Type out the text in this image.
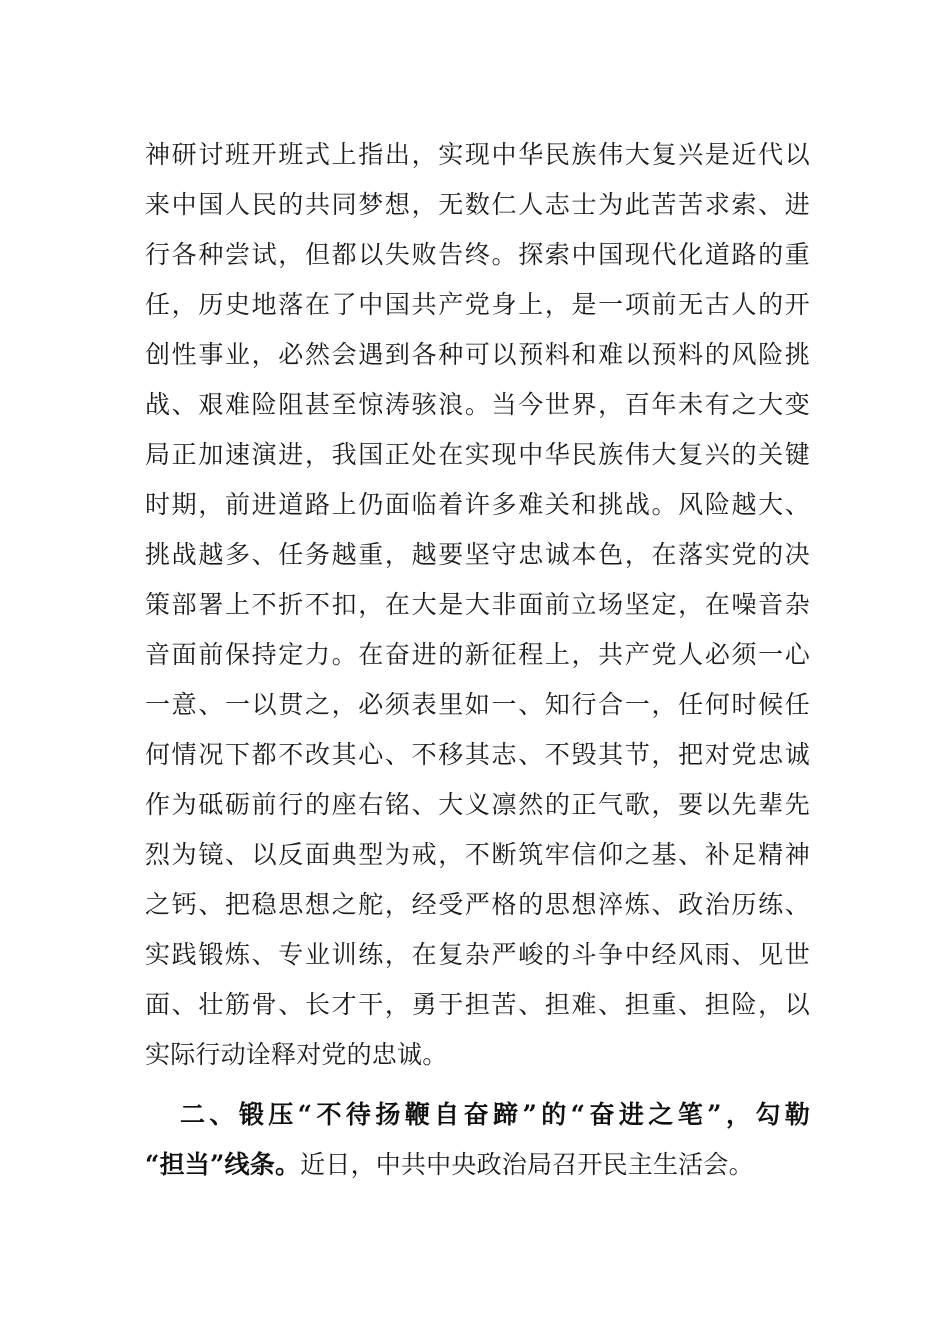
神研讨班开班式上指出，实现中华民族伟大复兴是近代以
来中国人民的共同梦想，无数仁人志士为此苦苦求索、进
行各种尝试，但都以失败告终。探索中国现代化道路的重
任，历史地落在了中国共产党身上，是一项前无古人的开
创性事业，必然会遇到各种可以预料和难以预料的风险挑
战、艰难险阻甚至惊涛骇浪。当今世界，百年未有之大变
局正加速演进，我国正处在实现中华民族伟大复兴的关键
时期，前进道路上仍面临着许多难关和挑战。风险越大、
挑战越多、任务越重，越要坚守忠诚本色，在落实党的决
策部署上不折不扣，在大是大非面前立场坚定，在噪音杂
音面前保持定力。在奋进的新征程上，共产党人必须一心
一意、一以贯之，必须表里如一、知行合一，任何时候任
何情况下都不改其心、不移其志、不毁其节，把对党忠诚
作为砥砺前行的座右铭、大义凛然的正气歌，要以先辈先
烈为镜、以反面典型为戒，不断筑牢信仰之基、补足精神
之钙、把稳思想之舵，经受严格的思想淬炼、政治历练、
实践锻炼、专业训练，在复杂严峻的斗争中经风雨、见世
面、壮筋骨、长才干，勇于担苦、担难、担重、担险，以
实际行动诠释对党的忠诚。
二、锻压“不待扬鞭自奋蹄”的“奋进之笔”，勾勒
“担当”线条。近日，中共中央政治局召开民主生活会。
